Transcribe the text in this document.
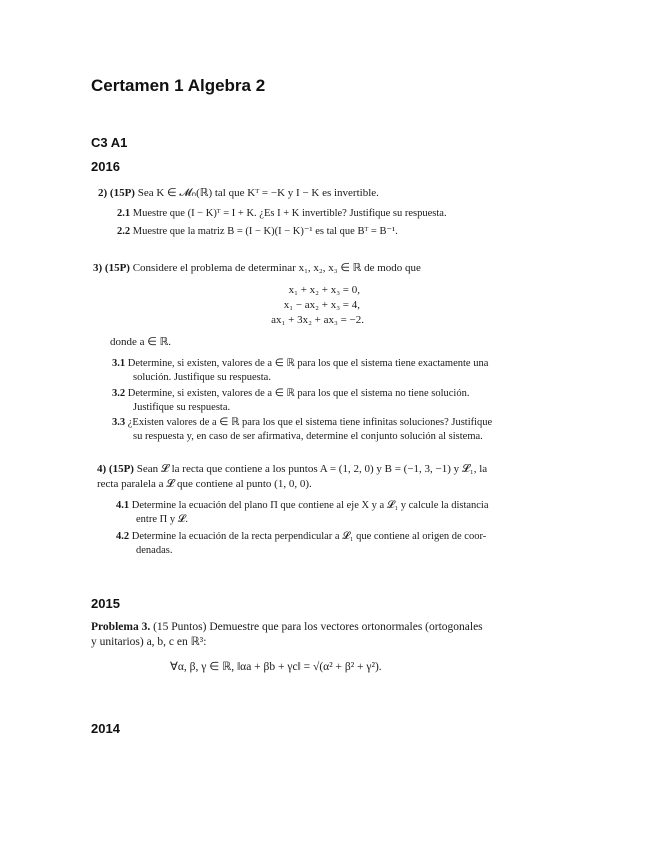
Certamen 1 Algebra 2
C3 A1
2016
2) (15P) Sea K ∈ 𝓜ₙ(ℝ) tal que Kᵀ = −K y I − K es invertible.
2.1 Muestre que (I − K)ᵀ = I + K. ¿Es I + K invertible? Justifique su respuesta.
2.2 Muestre que la matriz B = (I − K)(I − K)⁻¹ es tal que Bᵀ = B⁻¹.
3) (15P) Considere el problema de determinar x₁, x₂, x₃ ∈ ℝ de modo que
x₁ + x₂ + x₃ = 0,
x₁ − ax₂ + x₃ = 4,
ax₁ + 3x₂ + ax₃ = −2.
donde a ∈ ℝ.
3.1 Determine, si existen, valores de a ∈ ℝ para los que el sistema tiene exactamente una
solución. Justifique su respuesta.
3.2 Determine, si existen, valores de a ∈ ℝ para los que el sistema no tiene solución.
Justifique su respuesta.
3.3 ¿Existen valores de a ∈ ℝ para los que el sistema tiene infinitas soluciones? Justifique
su respuesta y, en caso de ser afirmativa, determine el conjunto solución al sistema.
4) (15P) Sean 𝓛 la recta que contiene a los puntos A = (1, 2, 0) y B = (−1, 3, −1) y 𝓛₁, la
recta paralela a 𝓛 que contiene al punto (1, 0, 0).
4.1 Determine la ecuación del plano Π que contiene al eje X y a 𝓛₁ y calcule la distancia
entre Π y 𝓛.
4.2 Determine la ecuación de la recta perpendicular a 𝓛₁ que contiene al origen de coor-
denadas.
2015
Problema 3. (15 Puntos) Demuestre que para los vectores ortonormales (ortogonales
y unitarios) a, b, c en ℝ³:
∀α, β, γ ∈ ℝ, ‖αa + βb + γc‖ = √(α² + β² + γ²).
2014
